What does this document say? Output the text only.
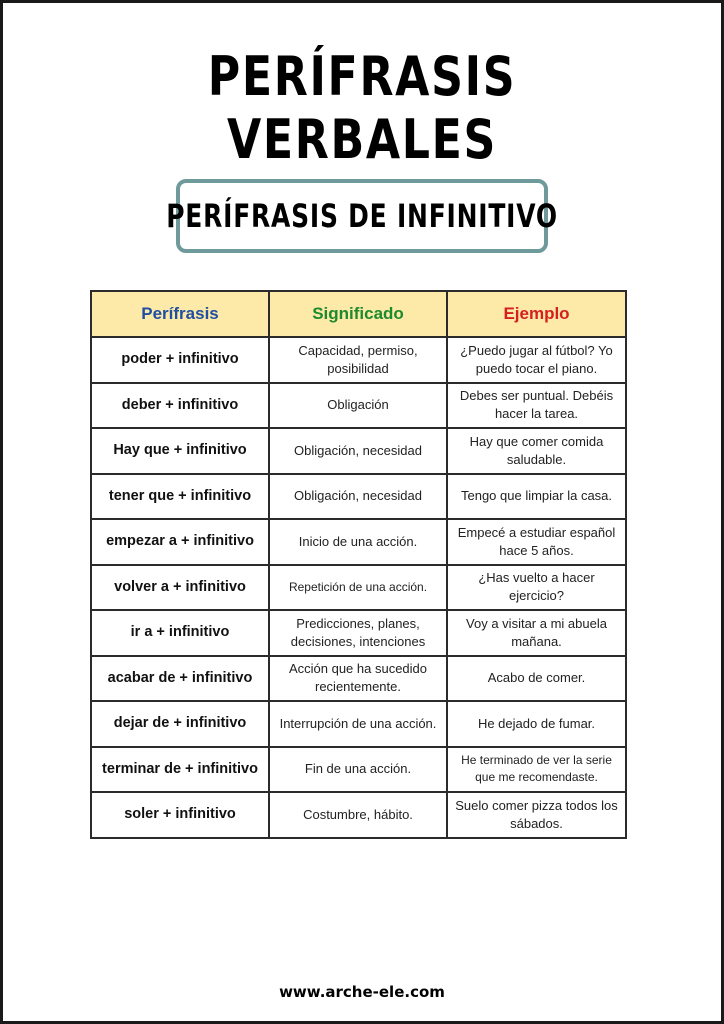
PERÍFRASIS VERBALES
PERÍFRASIS DE INFINITIVO
Perífrasis	Significado	Ejemplo
poder + infinitivo	Capacidad, permiso, posibilidad	¿Puedo jugar al fútbol? Yo puedo tocar el piano.
deber + infinitivo	Obligación	Debes ser puntual. Debéis hacer la tarea.
Hay que + infinitivo	Obligación, necesidad	Hay que comer comida saludable.
tener que + infinitivo	Obligación, necesidad	Tengo que limpiar la casa.
empezar a + infinitivo	Inicio de una acción.	Empecé a estudiar español hace 5 años.
volver a + infinitivo	Repetición de una acción.	¿Has vuelto a hacer ejercicio?
ir a + infinitivo	Predicciones, planes, decisiones, intenciones	Voy a visitar a mi abuela mañana.
acabar de + infinitivo	Acción que ha sucedido recientemente.	Acabo de comer.
dejar de + infinitivo	Interrupción de una acción.	He dejado de fumar.
terminar de + infinitivo	Fin de una acción.	He terminado de ver la serie que me recomendaste.
soler + infinitivo	Costumbre, hábito.	Suelo comer pizza todos los sábados.
www.arche-ele.com
